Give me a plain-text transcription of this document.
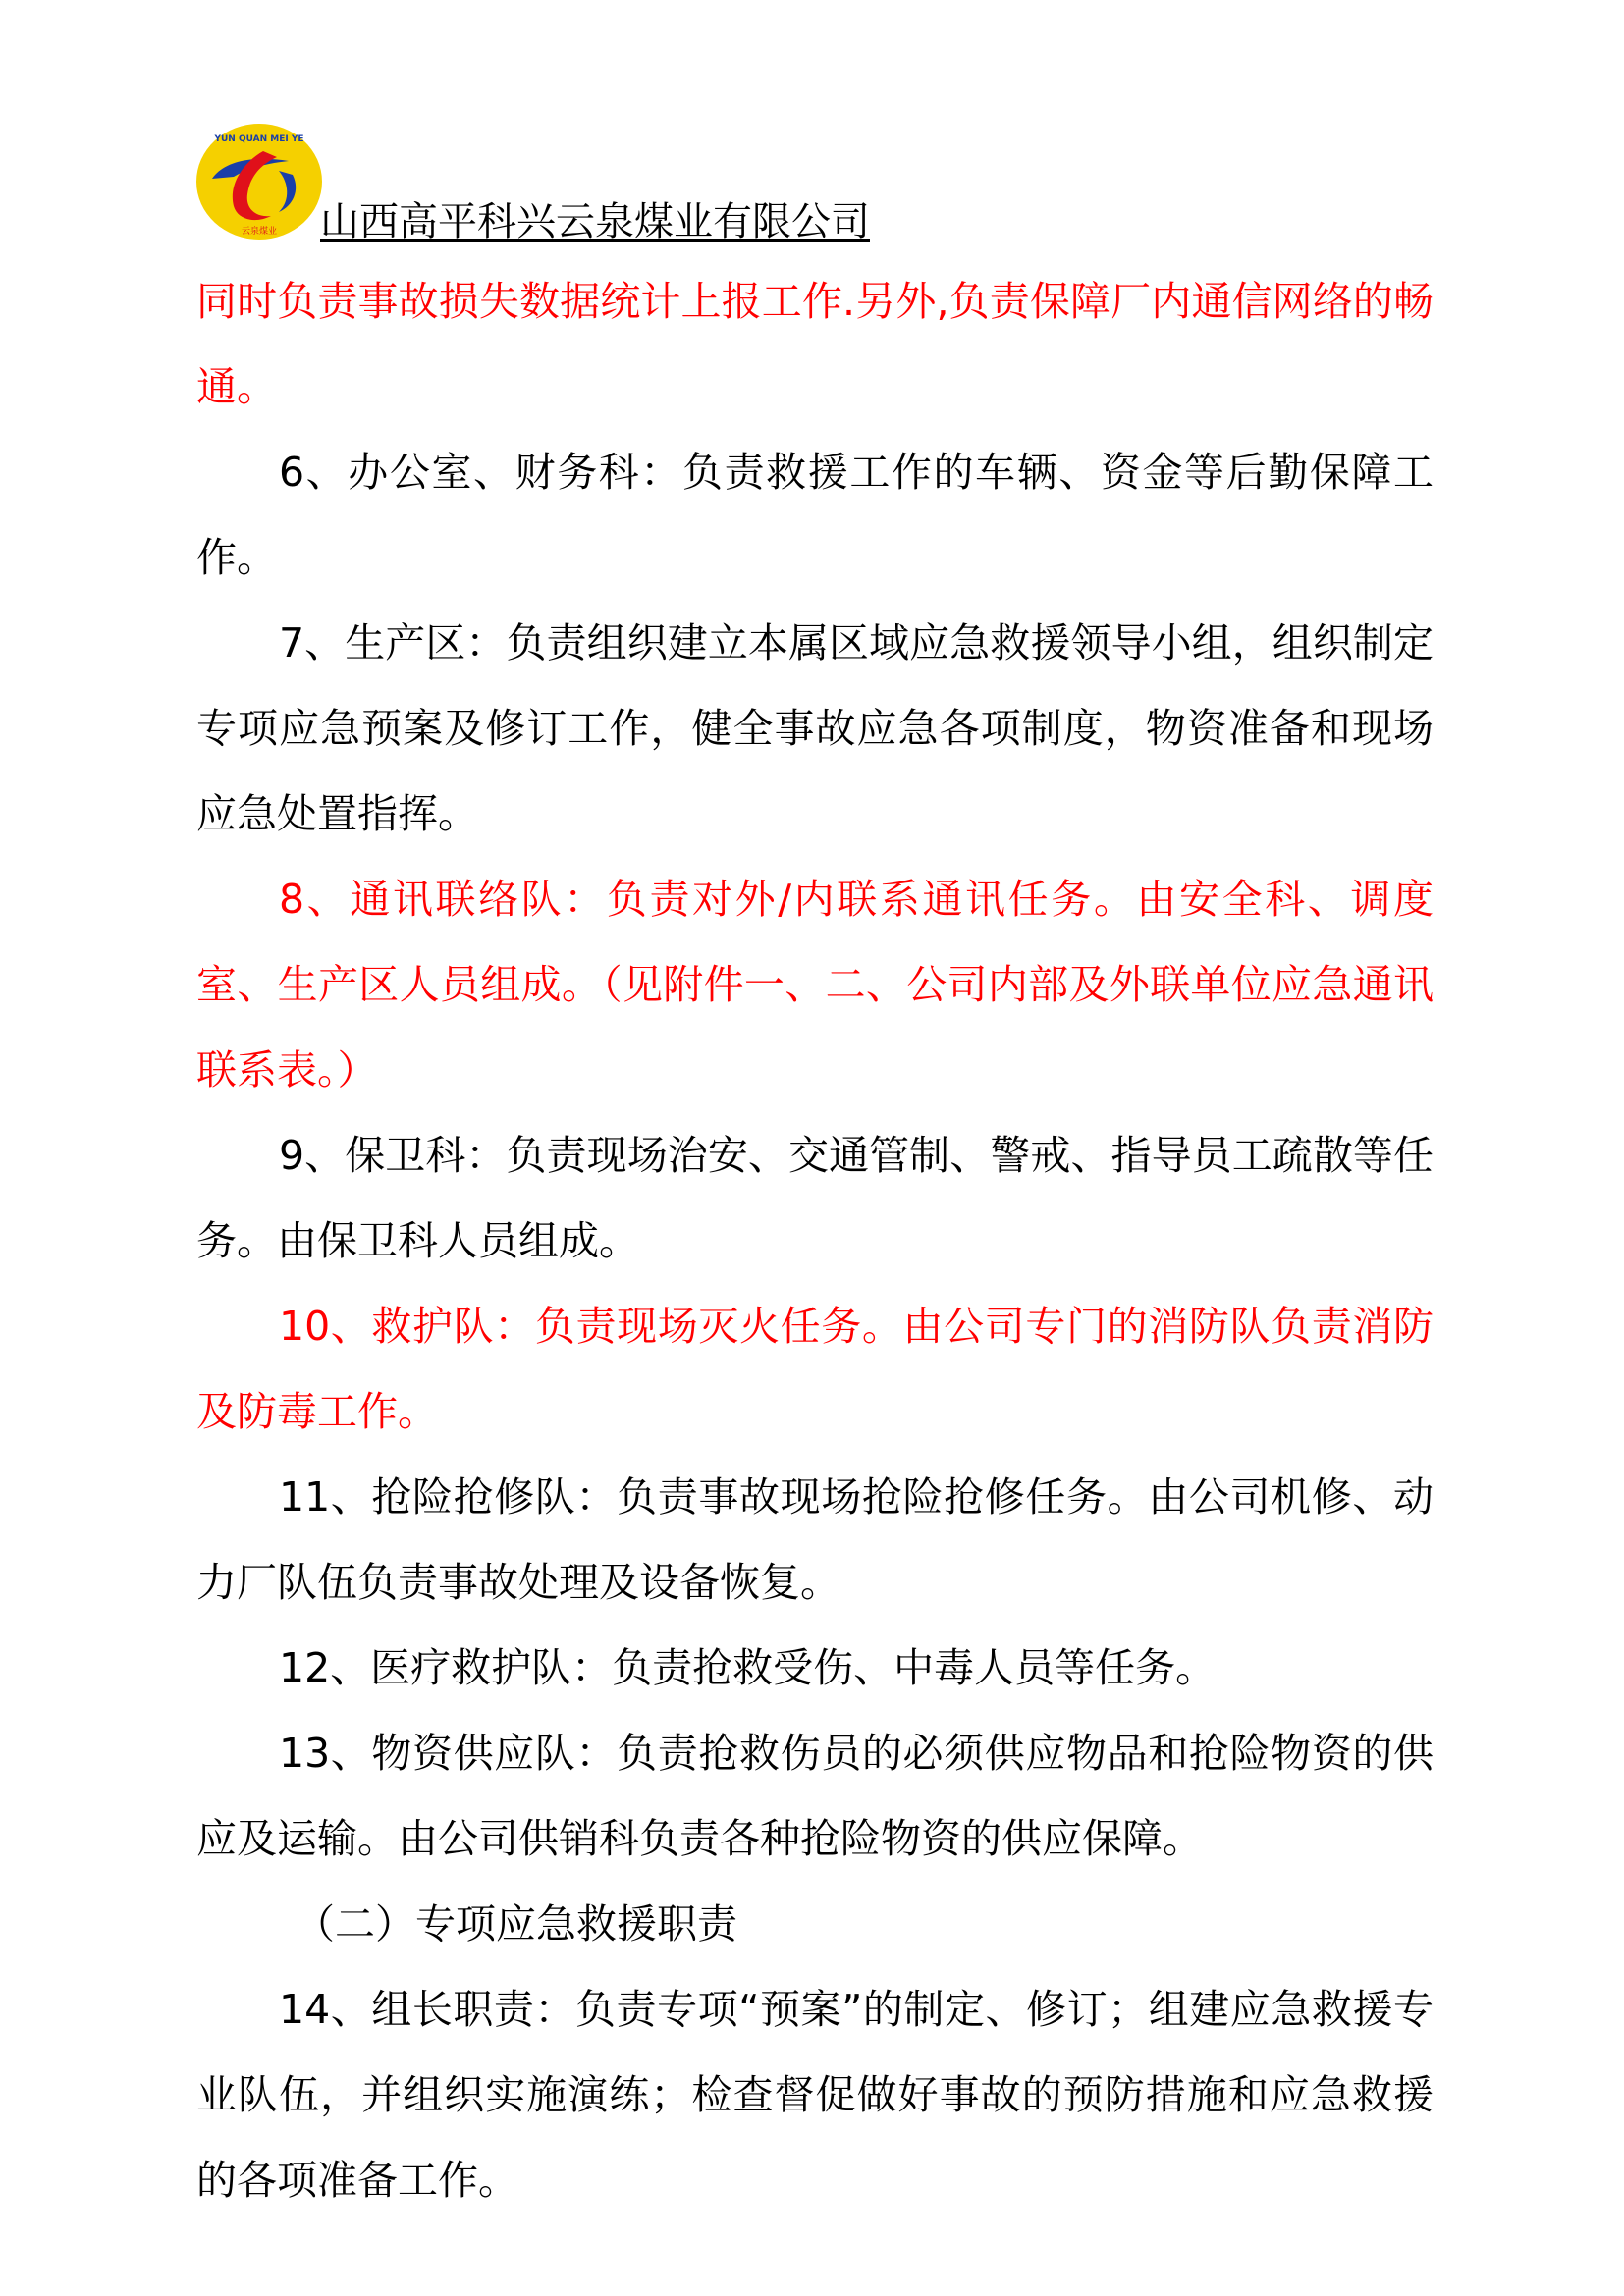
YUN QUAN MEI YE
云泉煤业 山西高平科兴云泉煤业有限公司

同时负责事故损失数据统计上报工作.另外,负责保障厂内通信网络的畅通。

6、办公室、财务科：负责救援工作的车辆、资金等后勤保障工作。

7、生产区：负责组织建立本属区域应急救援领导小组，组织制定专项应急预案及修订工作，健全事故应急各项制度，物资准备和现场应急处置指挥。

8、通讯联络队：负责对外/内联系通讯任务。由安全科、调度室、生产区人员组成。（见附件一、二、公司内部及外联单位应急通讯联系表。）

9、保卫科：负责现场治安、交通管制、警戒、指导员工疏散等任务。由保卫科人员组成。

10、救护队：负责现场灭火任务。由公司专门的消防队负责消防及防毒工作。

11、抢险抢修队：负责事故现场抢险抢修任务。由公司机修、动力厂队伍负责事故处理及设备恢复。

12、医疗救护队：负责抢救受伤、中毒人员等任务。

13、物资供应队：负责抢救伤员的必须供应物品和抢险物资的供应及运输。由公司供销科负责各种抢险物资的供应保障。

（二）专项应急救援职责

14、组长职责：负责专项“预案”的制定、修订；组建应急救援专业队伍，并组织实施演练；检查督促做好事故的预防措施和应急救援的各项准备工作。
